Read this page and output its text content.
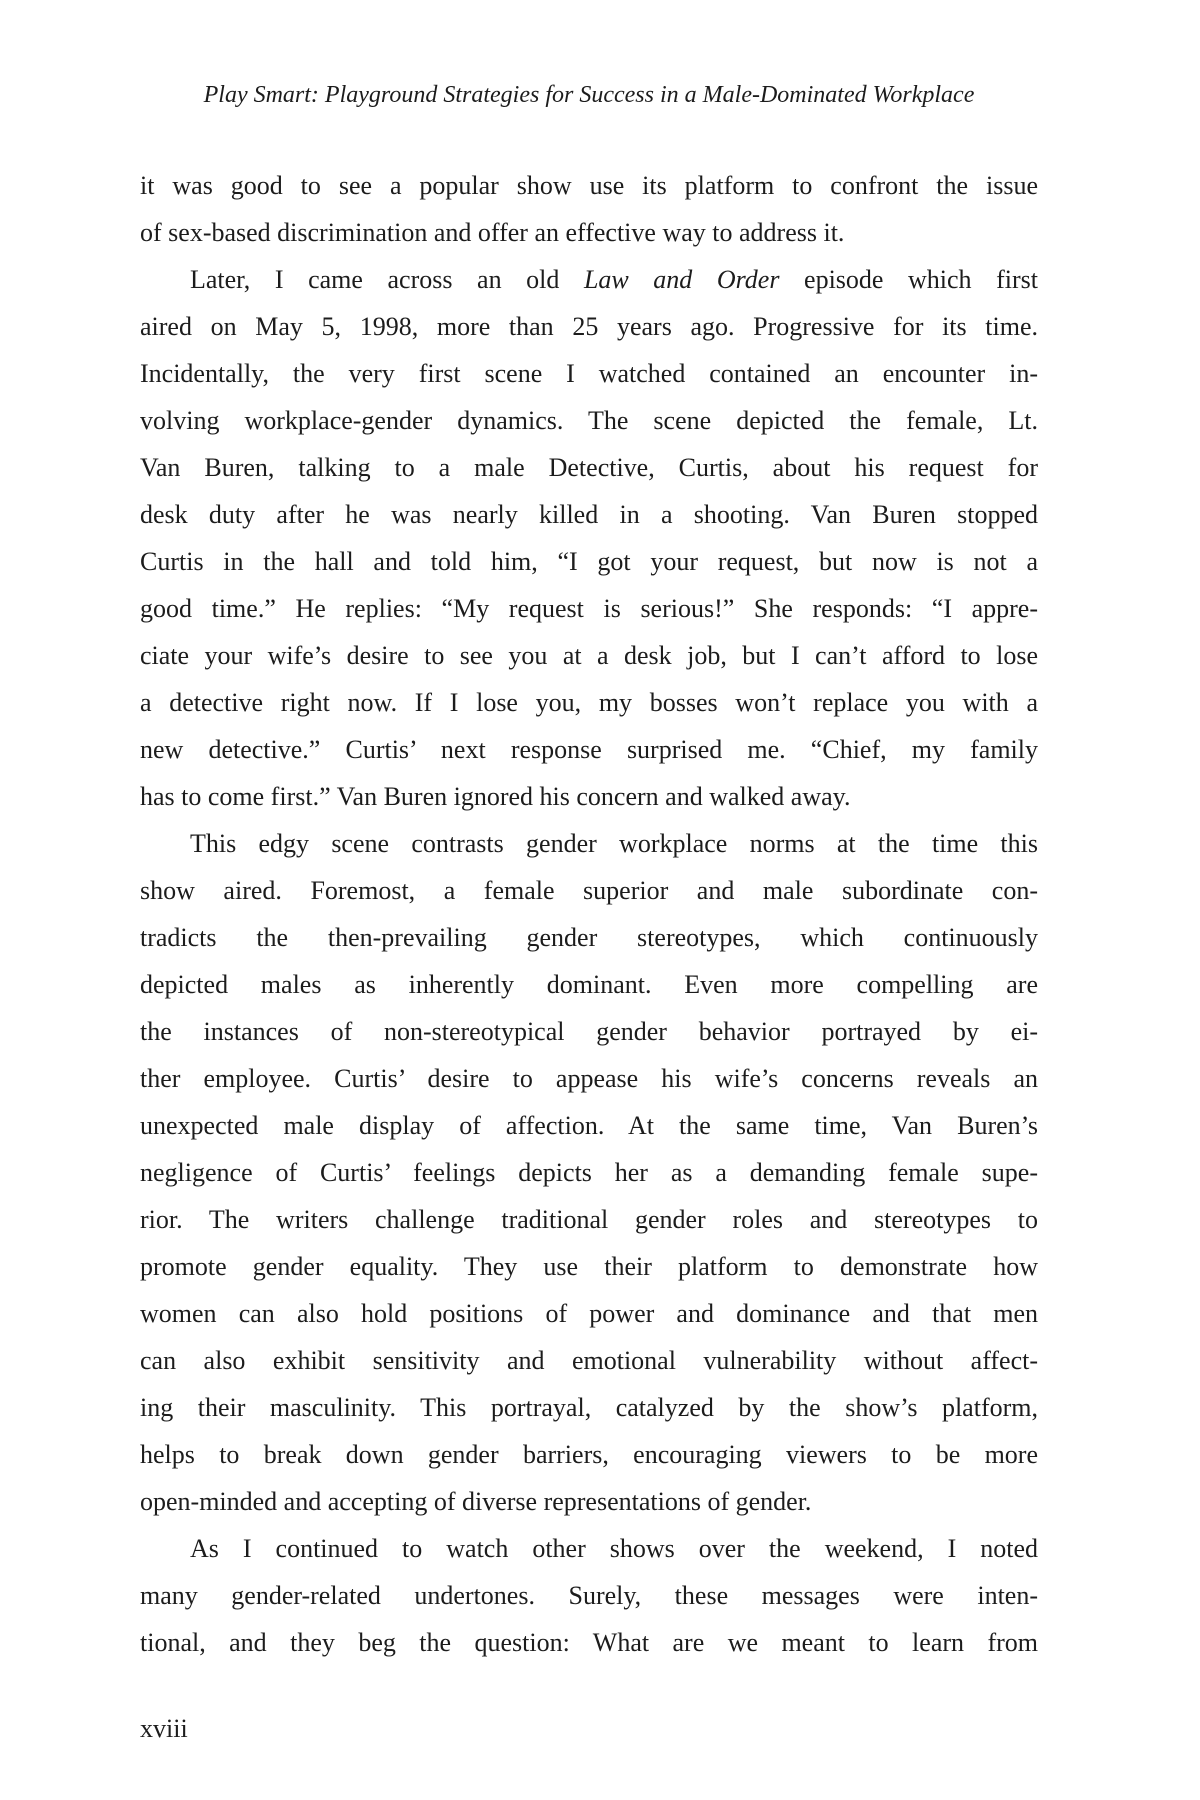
Play Smart: Playground Strategies for Success in a Male-Dominated Workplace
it was good to see a popular show use its platform to confront the issue
of sex-based discrimination and offer an effective way to address it.
Later, I came across an old Law and Order episode which first
aired on May 5, 1998, more than 25 years ago. Progressive for its time.
Incidentally, the very first scene I watched contained an encounter in-
volving workplace-gender dynamics. The scene depicted the female, Lt.
Van Buren, talking to a male Detective, Curtis, about his request for
desk duty after he was nearly killed in a shooting. Van Buren stopped
Curtis in the hall and told him, “I got your request, but now is not a
good time.” He replies: “My request is serious!” She responds: “I appre-
ciate your wife’s desire to see you at a desk job, but I can’t afford to lose
a detective right now. If I lose you, my bosses won’t replace you with a
new detective.” Curtis’ next response surprised me. “Chief, my family
has to come first.” Van Buren ignored his concern and walked away.
This edgy scene contrasts gender workplace norms at the time this
show aired. Foremost, a female superior and male subordinate con-
tradicts the then-prevailing gender stereotypes, which continuously
depicted males as inherently dominant. Even more compelling are
the instances of non-stereotypical gender behavior portrayed by ei-
ther employee. Curtis’ desire to appease his wife’s concerns reveals an
unexpected male display of affection. At the same time, Van Buren’s
negligence of Curtis’ feelings depicts her as a demanding female supe-
rior. The writers challenge traditional gender roles and stereotypes to
promote gender equality. They use their platform to demonstrate how
women can also hold positions of power and dominance and that men
can also exhibit sensitivity and emotional vulnerability without affect-
ing their masculinity. This portrayal, catalyzed by the show’s platform,
helps to break down gender barriers, encouraging viewers to be more
open-minded and accepting of diverse representations of gender.
As I continued to watch other shows over the weekend, I noted
many gender-related undertones. Surely, these messages were inten-
tional, and they beg the question: What are we meant to learn from
xviii
